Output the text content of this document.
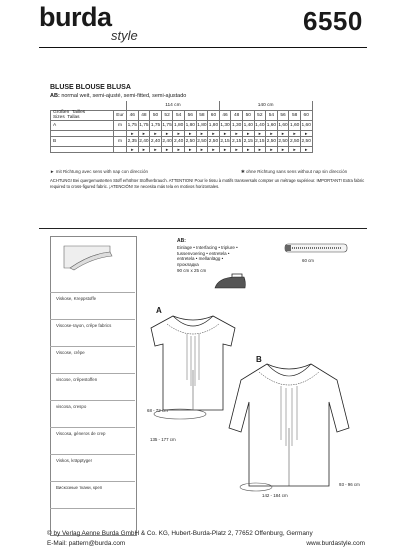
burda
style	6550
BLUSE BLOUSE BLUSA
AB: normal weit, semi-ajusté, semi-fitted, semi-ajustado
		114 cm								140 cm							
Größen  Tailles
Sizes  Tallas	Eur	46	48	50	52	54	56	58	60	46	48	50	52	54	56	58	60
A	m	1,75	1,75	1,75	1,75	1,80	1,80	1,80	1,80	1,30	1,30	1,40	1,40	1,60	1,60	1,60	1,60
		►	►	►	►	►	►	►	►	►	►	►	►	►	►	►	►
B	m	2,35	2,40	2,40	2,40	2,40	2,50	2,50	2,50	2,15	2,15	2,15	2,15	2,50	2,50	2,50	2,50
		►	►	►	►	►	►	►	►	►	►	►	►	►	►	►	►
► mit Richtung avec sens with nap con dirección	✱ ohne Richtung sans sens without nap sin dirección
ACHTUNG! Bei quergemusterten Stoff erhöhter Stoffverbrauch. ATTENTION! Pour le tissu à motifs transversals compter un métrage supérieur. IMPORTANT! Extra fabric required to cross-figured fabric. ¡ATENCIÓN! Se necesita más tela en motivos horizontales.
Viskose, Kreppstoffe
Viscose-rayon, crêpe fabrics
Viscose, crêpe
viscose, crêpestoffen
viscosa, crespo
Viscosa, géneros de crep
Viskos, kräpptyger
Вискозные ткани, креп
AB:
Einlage • Interfacing • triplure •
tussenvoering • entretela •
entretela • mellanlägg •
прокладка
90 cm x 25 cm
60 cm
A
68 - 72 cm
135 - 177 cm
B
93 - 96 cm
142 - 184 cm
© by Verlag Aenne Burda GmbH & Co. KG, Hubert-Burda-Platz 2, 77652 Offenburg, Germany
E-Mail: pattern@burda.com	www.burdastyle.com
